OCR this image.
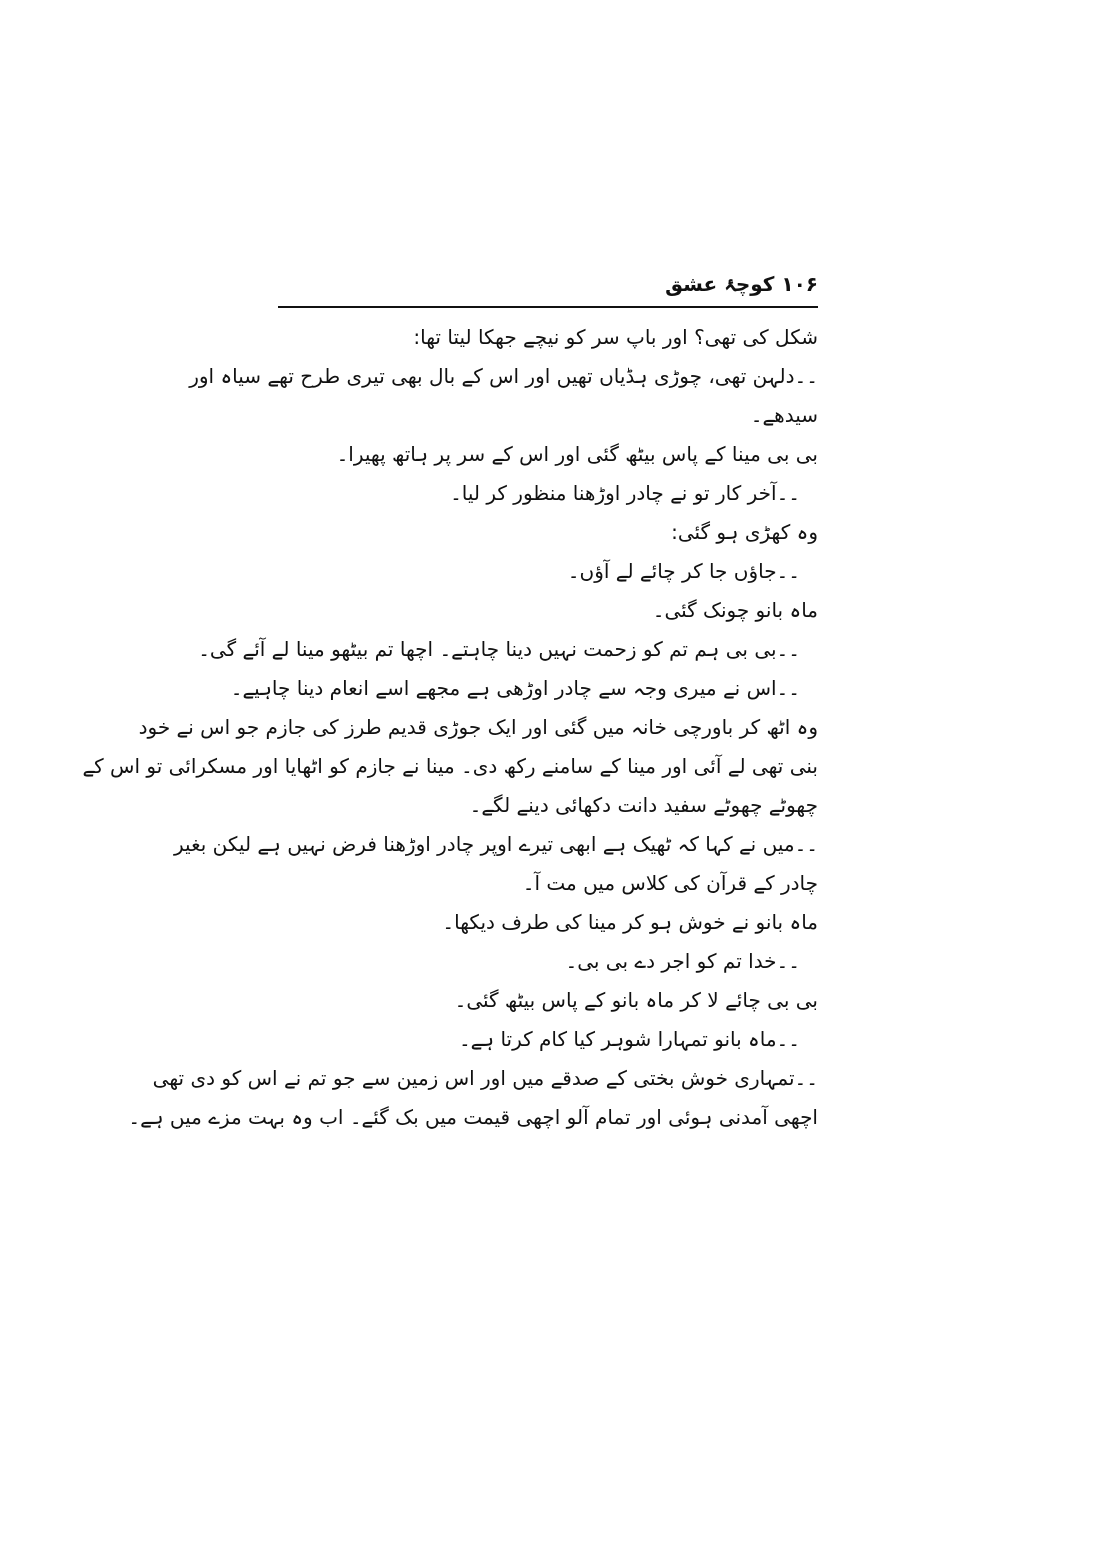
۱۰۶ کوچۂ عشق
شکل کی تھی؟ اور باپ سر کو نیچے جھکا لیتا تھا:
۔۔دلہن تھی، چوڑی ہڈیاں تھیں اور اس کے بال بھی تیری طرح تھے سیاہ اور
سیدھے۔
بی بی مینا کے پاس بیٹھ گئی اور اس کے سر پر ہاتھ پھیرا۔
۔۔آخر کار تو نے چادر اوڑھنا منظور کر لیا۔
وہ کھڑی ہو گئی:
۔۔جاؤں جا کر چائے لے آؤں۔
ماہ بانو چونک گئی۔
۔۔بی بی ہم تم کو زحمت نہیں دینا چاہتے۔ اچھا تم بیٹھو مینا لے آئے گی۔
۔۔اس نے میری وجہ سے چادر اوڑھی ہے مجھے اسے انعام دینا چاہیے۔
وہ اٹھ کر باورچی خانہ میں گئی اور ایک جوڑی قدیم طرز کی جازم جو اس نے خود
بنی تھی لے آئی اور مینا کے سامنے رکھ دی۔ مینا نے جازم کو اٹھایا اور مسکرائی تو اس کے
چھوٹے چھوٹے سفید دانت دکھائی دینے لگے۔
۔۔میں نے کہا کہ ٹھیک ہے ابھی تیرے اوپر چادر اوڑھنا فرض نہیں ہے لیکن بغیر
چادر کے قرآن کی کلاس میں مت آ۔
ماہ بانو نے خوش ہو کر مینا کی طرف دیکھا۔
۔۔خدا تم کو اجر دے بی بی۔
بی بی چائے لا کر ماہ بانو کے پاس بیٹھ گئی۔
۔۔ماہ بانو تمہارا شوہر کیا کام کرتا ہے۔
۔۔تمہاری خوش بختی کے صدقے میں اور اس زمین سے جو تم نے اس کو دی تھی
اچھی آمدنی ہوئی اور تمام آلو اچھی قیمت میں بک گئے۔ اب وہ بہت مزے میں ہے۔
